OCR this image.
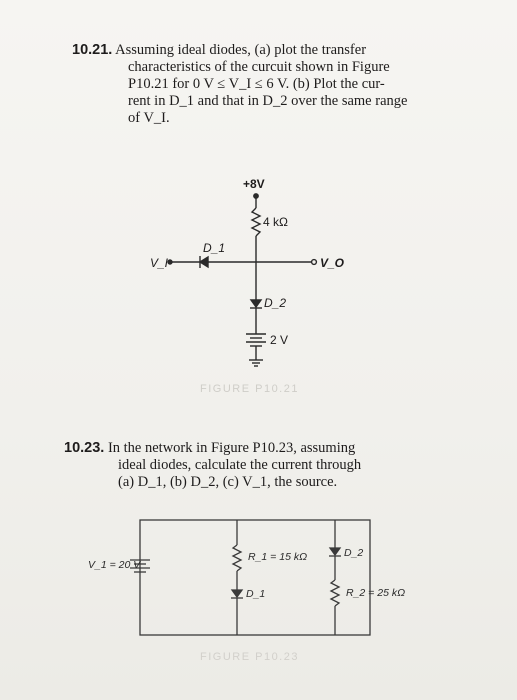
10.21. Assuming ideal diodes, (a) plot the transfer
characteristics of the curcuit shown in Figure
P10.21 for 0 V ≤ V_I ≤ 6 V. (b) Plot the cur-
rent in D_1 and that in D_2 over the same range
of V_I.
+8V
4 kΩ
V_I
D_1
V_O
D_2
2 V
FIGURE P10.21
V_1 = 20 V
R_1 = 15 kΩ
D_1
D_2
R_2 = 25 kΩ
FIGURE P10.23
10.23. In the network in Figure P10.23, assuming
ideal diodes, calculate the current through
(a) D_1, (b) D_2, (c) V_1, the source.
